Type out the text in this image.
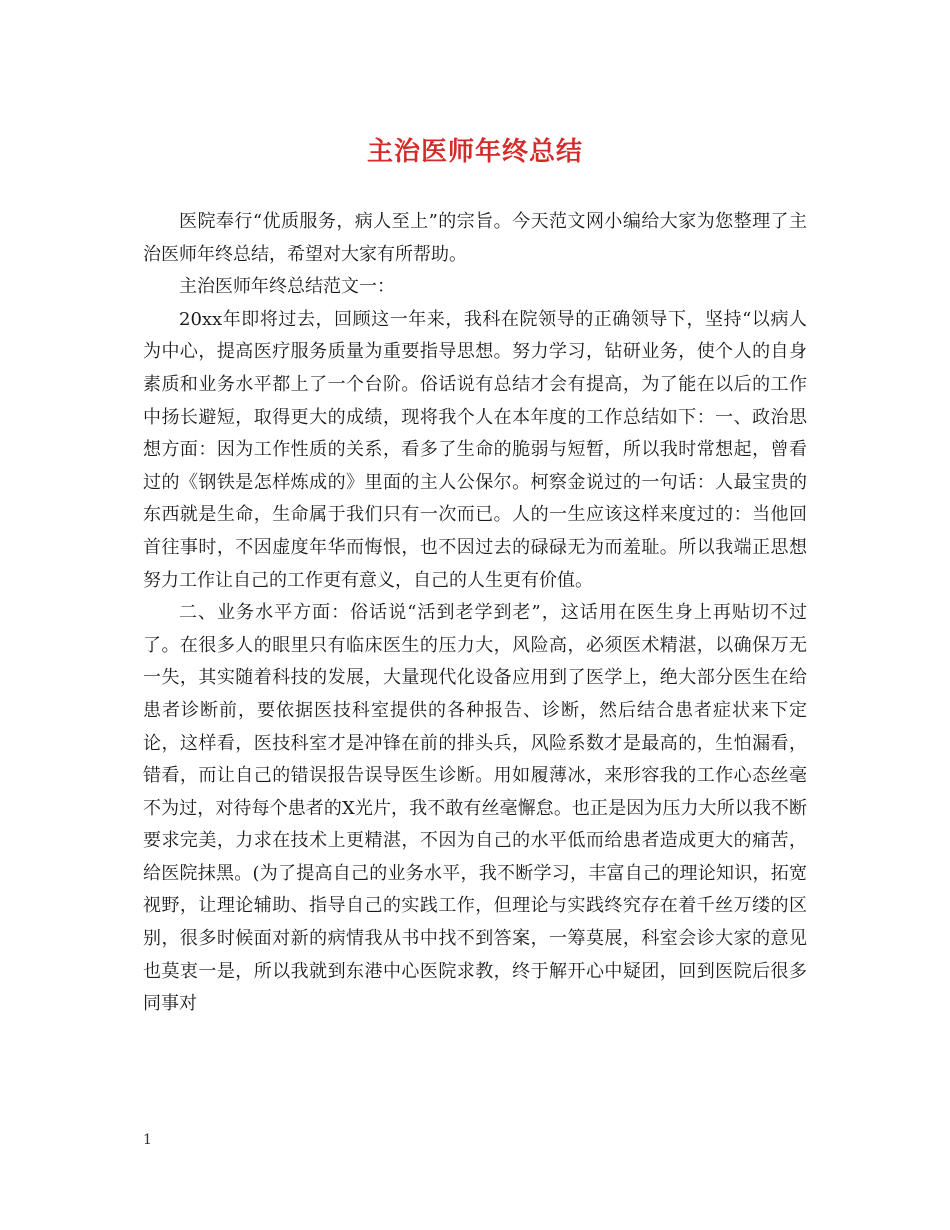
主治医师年终总结

医院奉行“优质服务，病人至上”的宗旨。今天范文网小编给大家为您整理了主治医师年终总结，希望对大家有所帮助。

主治医师年终总结范文一：

20xx年即将过去，回顾这一年来，我科在院领导的正确领导下，坚持“以病人为中心，提高医疗服务质量为重要指导思想。努力学习，钻研业务，使个人的自身素质和业务水平都上了一个台阶。俗话说有总结才会有提高，为了能在以后的工作中扬长避短，取得更大的成绩，现将我个人在本年度的工作总结如下：一、政治思想方面：因为工作性质的关系，看多了生命的脆弱与短暂，所以我时常想起，曾看过的《钢铁是怎样炼成的》里面的主人公保尔。柯察金说过的一句话：人最宝贵的东西就是生命，生命属于我们只有一次而已。人的一生应该这样来度过的：当他回首往事时，不因虚度年华而悔恨，也不因过去的碌碌无为而羞耻。所以我端正思想努力工作让自己的工作更有意义，自己的人生更有价值。

二、业务水平方面：俗话说“活到老学到老”，这话用在医生身上再贴切不过了。在很多人的眼里只有临床医生的压力大，风险高，必须医术精湛，以确保万无一失，其实随着科技的发展，大量现代化设备应用到了医学上，绝大部分医生在给患者诊断前，要依据医技科室提供的各种报告、诊断，然后结合患者症状来下定论，这样看，医技科室才是冲锋在前的排头兵，风险系数才是最高的，生怕漏看，错看，而让自己的错误报告误导医生诊断。用如履薄冰，来形容我的工作心态丝毫不为过，对待每个患者的X光片，我不敢有丝毫懈怠。也正是因为压力大所以我不断要求完美，力求在技术上更精湛，不因为自己的水平低而给患者造成更大的痛苦，给医院抹黑。(为了提高自己的业务水平，我不断学习，丰富自己的理论知识，拓宽视野，让理论辅助、指导自己的实践工作，但理论与实践终究存在着千丝万缕的区别，很多时候面对新的病情我从书中找不到答案，一筹莫展，科室会诊大家的意见也莫衷一是，所以我就到东港中心医院求教，终于解开心中疑团，回到医院后很多同事对

1
